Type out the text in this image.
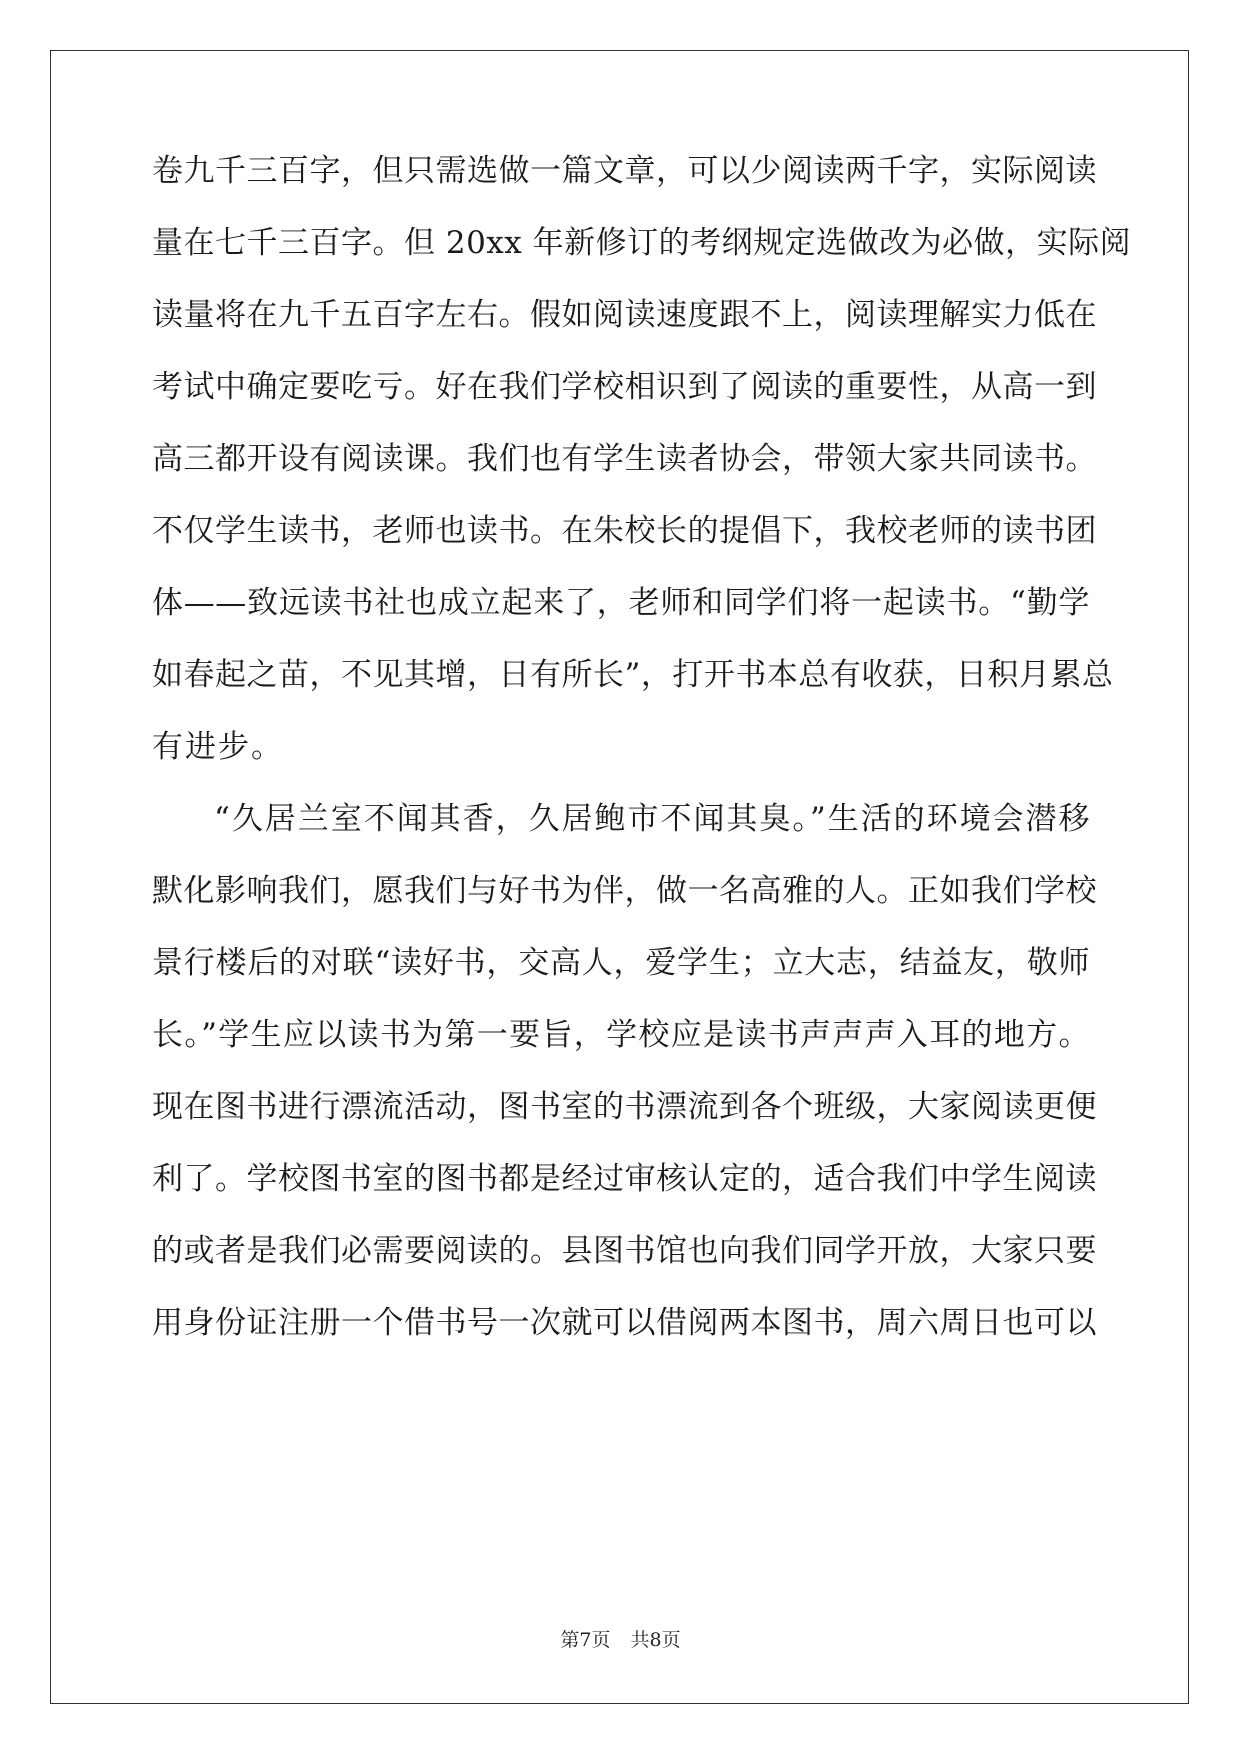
卷九千三百字，但只需选做一篇文章，可以少阅读两千字，实际阅读
量在七千三百字。但 20xx 年新修订的考纲规定选做改为必做，实际阅
读量将在九千五百字左右。假如阅读速度跟不上，阅读理解实力低在
考试中确定要吃亏。好在我们学校相识到了阅读的重要性，从高一到
高三都开设有阅读课。我们也有学生读者协会，带领大家共同读书。
不仅学生读书，老师也读书。在朱校长的提倡下，我校老师的读书团
体——致远读书社也成立起来了，老师和同学们将一起读书。“勤学
如春起之苗，不见其增，日有所长”，打开书本总有收获，日积月累总
有进步。
“久居兰室不闻其香，久居鲍市不闻其臭。”生活的环境会潜移
默化影响我们，愿我们与好书为伴，做一名高雅的人。正如我们学校
景行楼后的对联“读好书，交高人，爱学生；立大志，结益友，敬师
长。”学生应以读书为第一要旨，学校应是读书声声声入耳的地方。
现在图书进行漂流活动，图书室的书漂流到各个班级，大家阅读更便
利了。学校图书室的图书都是经过审核认定的，适合我们中学生阅读
的或者是我们必需要阅读的。县图书馆也向我们同学开放，大家只要
用身份证注册一个借书号一次就可以借阅两本图书，周六周日也可以
第7页 共8页
